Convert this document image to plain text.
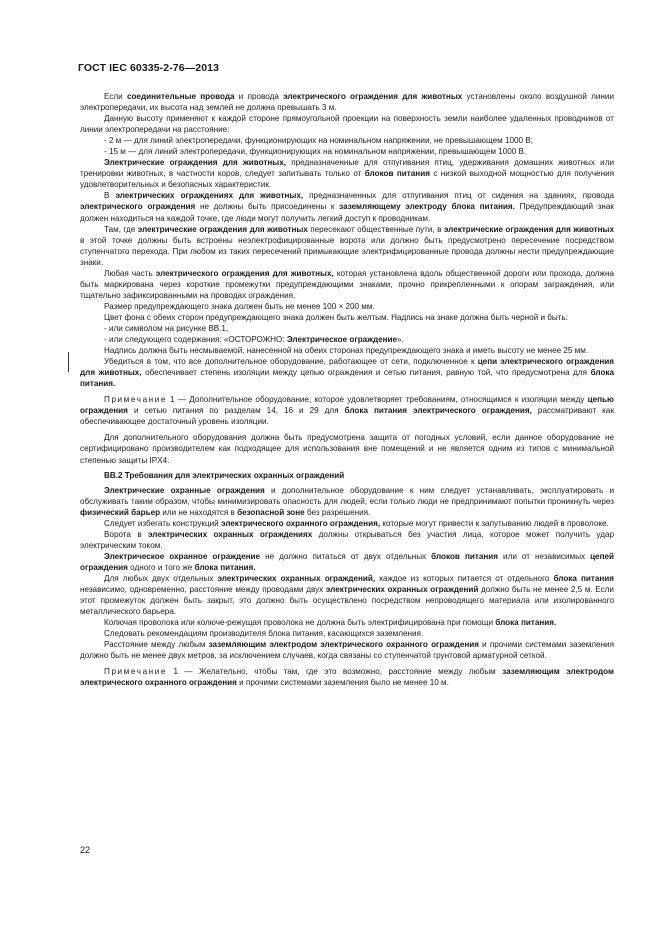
ГОСТ IEC 60335-2-76—2013

Если соединительные провода и провода электрического ограждения для животных установлены около воздушной линии электропередачи, их высота над землей не должна превышать 3 м.

Данную высоту применяют к каждой стороне прямоугольной проекции на поверхность земли наиболее удаленных проводников от линии электропередачи на расстояние:

- 2 м — для линий электропередачи, функционирующих на номинальном напряжении, не превышающем 1000 В;

- 15 м — для линий электропередачи, функционирующих на номинальном напряжении, превышающем 1000 В.

Электрические ограждения для животных, предназначенные для отпугивания птиц, удерживания домашних животных или тренировки животных, в частности коров, следует запитывать только от блоков питания с низкой выходной мощностью для получения удовлетворительных и безопасных характеристик.

В электрических ограждениях для животных, предназначенных для отпугивания птиц от сидения на зданиях, провода электрического ограждения не должны быть присоединены к заземляющему электроду блока питания. Предупреждающий знак должен находиться на каждой точке, где люди могут получить легкий доступ к проводникам.

Там, где электрические ограждения для животных пересекают общественные пути, в электрические ограждения для животных в этой точке должны быть встроены неэлектрофицированные ворота или должно быть предусмотрено пересечение посредством ступенчатого перехода. При любом из таких пересечений примыкающие электрифицированные провода должны нести предупреждающие знаки.

Любая часть электрического ограждения для животных, которая установлена вдоль общественной дороги или прохода, должна быть маркирована через короткие промежутки предупреждающими знаками, прочно прикрепленными к опорам заграждения, или тщательно зафиксированными на проводах ограждения.

Размер предупреждающего знака должен быть не менее 100 × 200 мм.

Цвет фона с обеих сторон предупреждающего знака должен быть желтым. Надпись на знаке должна быть черной и быть:

- или символом на рисунке ВВ.1,

- или следующего содержания: «ОСТОРОЖНО: Электрическое ограждение».

Надпись должна быть несмываемой, нанесенной на обеих сторонах предупреждающего знака и иметь высоту не менее 25 мм.

Убедиться в том, что все дополнительное оборудование, работающее от сети, подключенное к цепи электрического ограждения для животных, обеспечивает степень изоляции между цепью ограждения и сетью питания, равную той, что предусмотрена для блока питания.

Примечание 1 — Дополнительное оборудование, которое удовлетворяет требованиям, относящимся к изоляции между цепью ограждения и сетью питания по разделам 14, 16 и 29 для блока питания электрического ограждения, рассматривают как обеспечивающее достаточный уровень изоляции.

Для дополнительного оборудования должна быть предусмотрена защита от погодных условий, если данное оборудование не сертифицировано производителем как подходящее для использования вне помещений и не является одним из типов с минимальной степенью защиты IPX4.

ВВ.2 Требования для электрических охранных ограждений

Электрические охранные ограждения и дополнительное оборудование к ним следует устанавливать, эксплуатировать и обслуживать таким образом, чтобы минимизировать опасность для людей, если только люди не предпринимают попытки проникнуть через физический барьер или не находятся в безопасной зоне без разрешения.

Следует избегать конструкций электрического охранного ограждения, которые могут привести к запутыванию людей в проволоке.

Ворота в электрических охранных ограждениях должны открываться без участия лица, которое может получить удар электрическим током.

Электрическое охранное ограждение не должно питаться от двух отдельных блоков питания или от независимых цепей ограждения одного и того же блока питания.

Для любых двух отдельных электрических охранных ограждений, каждое из которых питается от отдельного блока питания независимо, одновременно, расстояние между проводами двух электрических охранных ограждений должно быть не менее 2,5 м. Если этот промежуток должен быть закрыт, это должно быть осуществлено посредством непроводящего материала или изолированного металлического барьера.

Колючая проволока или колюче-режущая проволока не должна быть электрифицирована при помощи блока питания.

Следовать рекомендациям производителя блока питания, касающихся заземления.

Расстояние между любым заземляющим электродом электрического охранного ограждения и прочими системами заземления должно быть не менее двух метров, за исключением случаев, когда связаны со ступенчатой грунтовой арматурной сеткой.

Примечание 1 — Желательно, чтобы там, где это возможно, расстояние между любым заземляющим электродом электрического охранного ограждения и прочими системами заземления было не менее 10 м.

22
